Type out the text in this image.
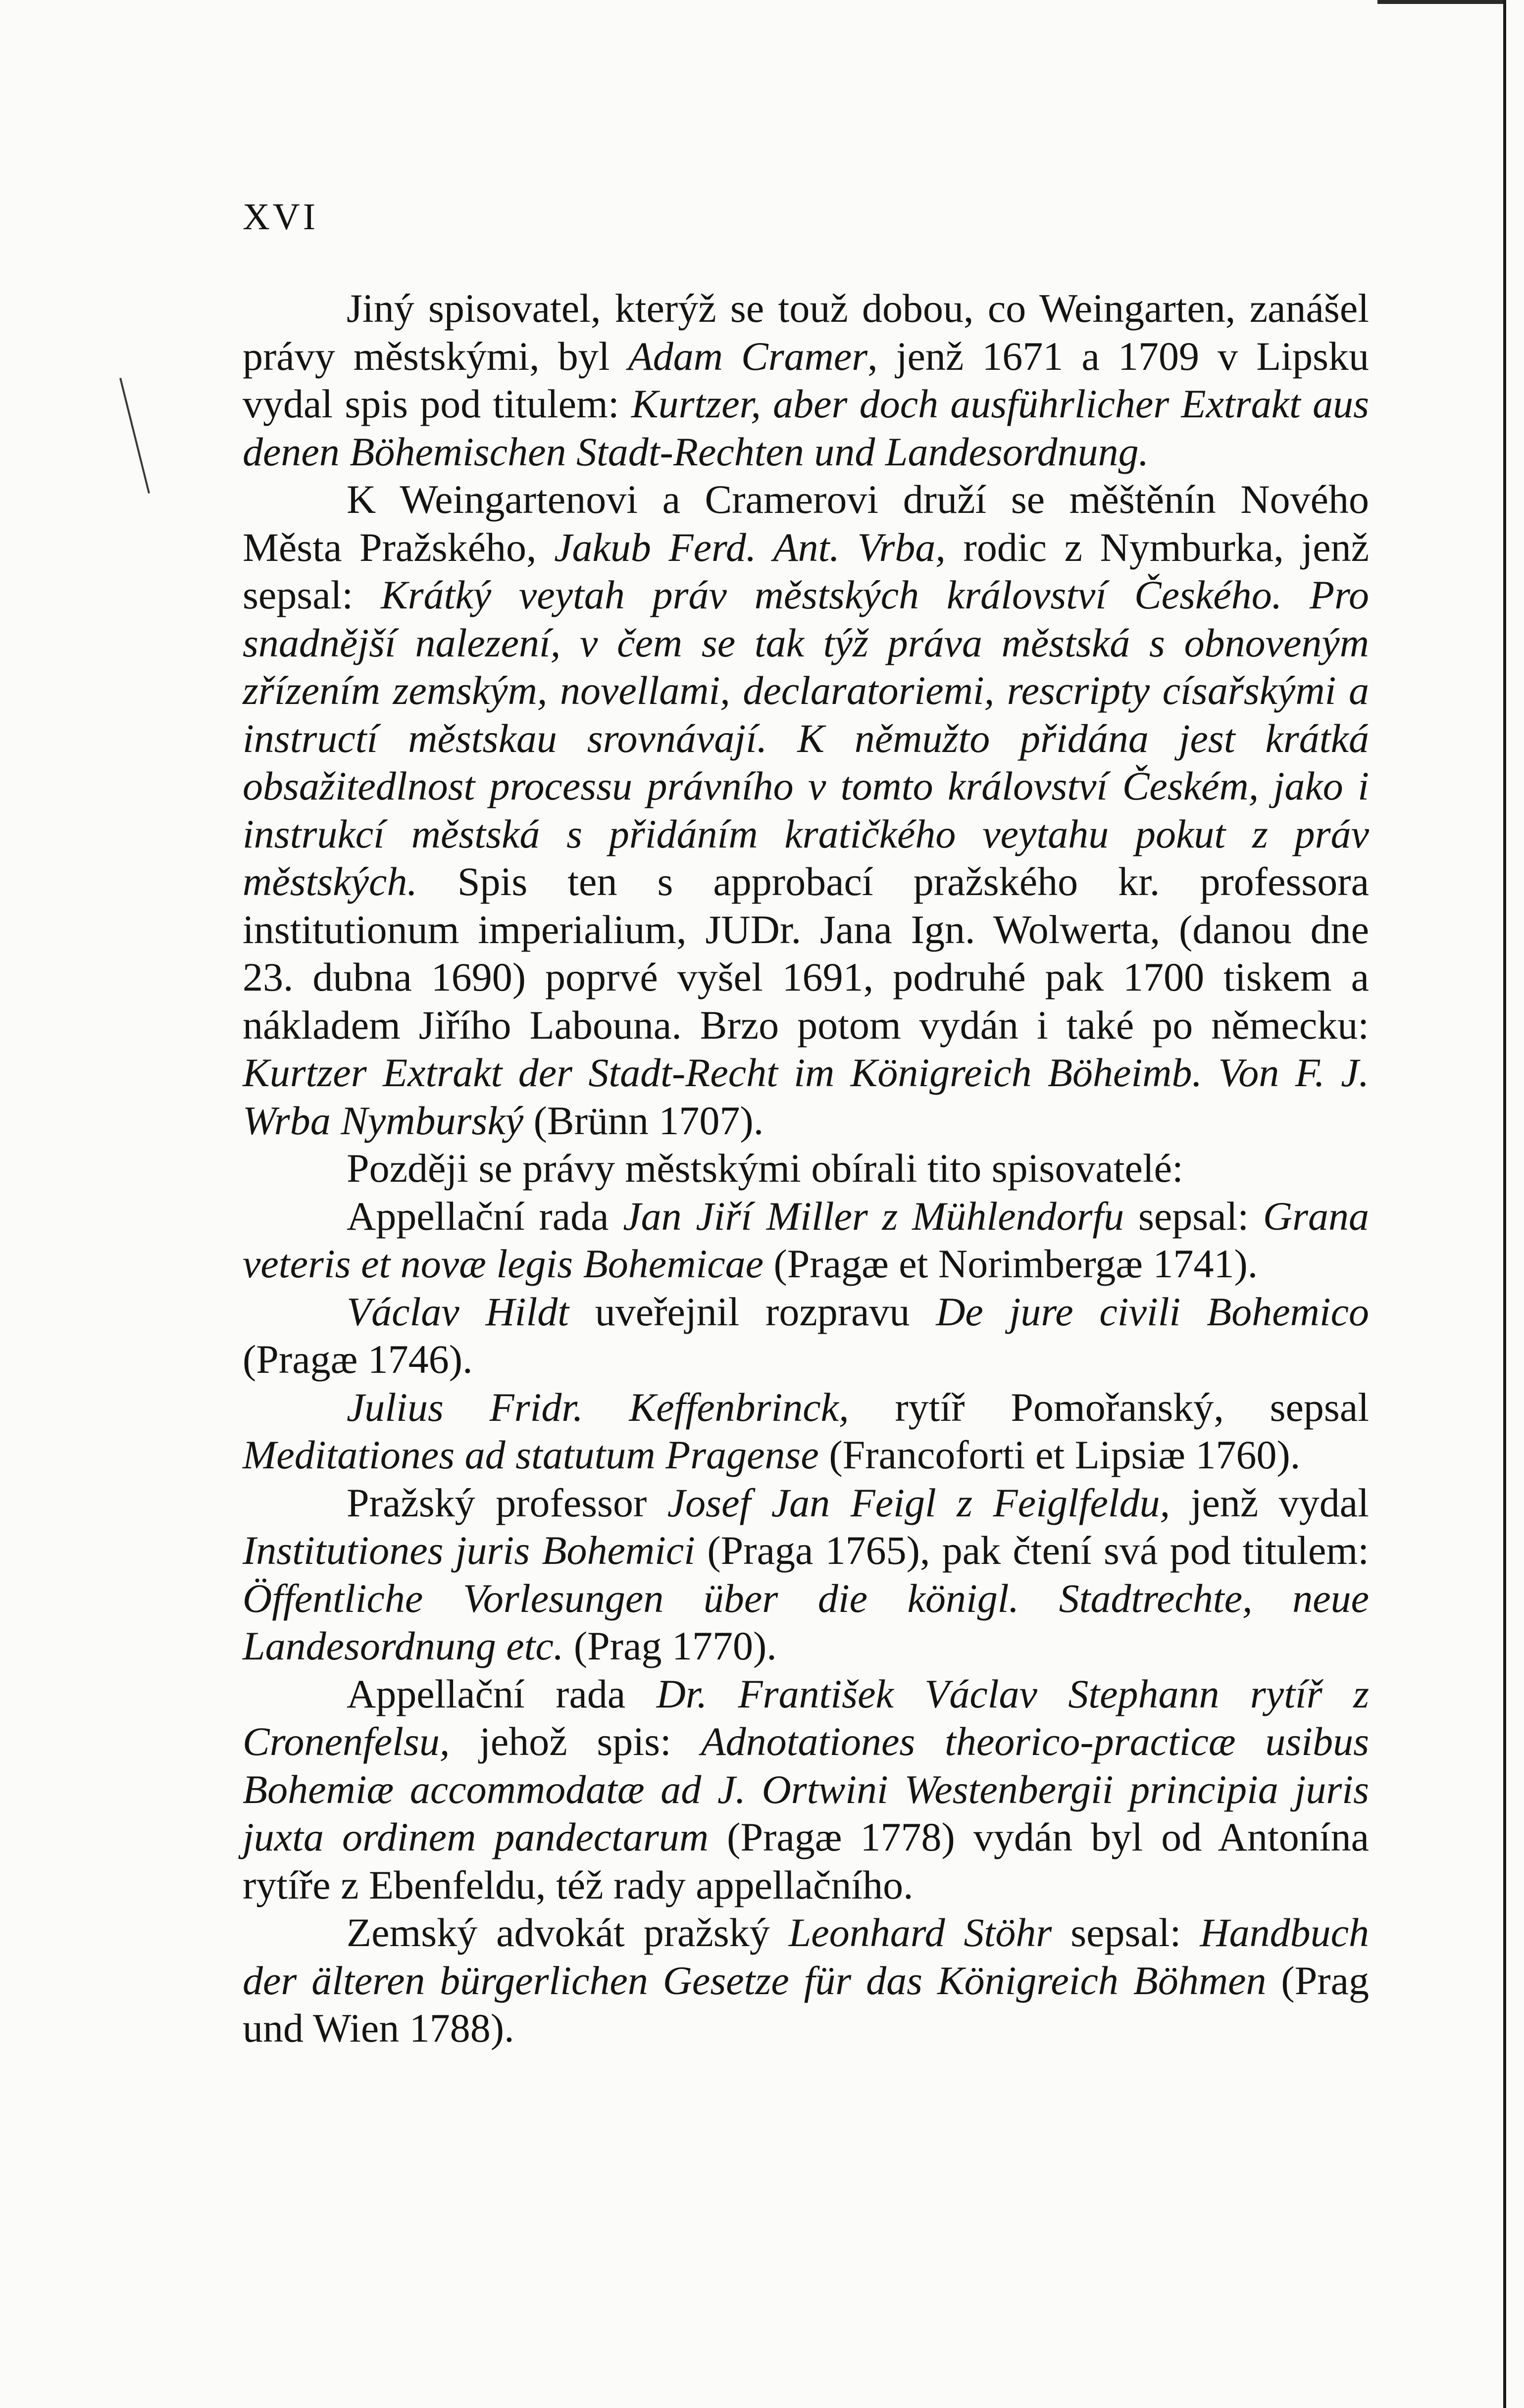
XVI

Jiný spisovatel, kterýž se touž dobou, co Weingarten, zanášel právy městskými, byl Adam Cramer, jenž 1671 a 1709 v Lipsku vydal spis pod titulem: Kurtzer, aber doch ausführlicher Extrakt aus denen Böhemischen Stadt-Rechten und Landesordnung.

K Weingartenovi a Cramerovi druží se měštěnín Nového Města Pražského, Jakub Ferd. Ant. Vrba, rodic z Nymburka, jenž sepsal: Krátký veytah práv městských království Českého. Pro snadnější nalezení, v čem se tak týž práva městská s obnoveným zřízením zemským, novellami, declaratoriemi, rescripty císařskými a instructí městskau srovnávají. K němužto přidána jest krátká obsažitedlnost processu právního v tomto království Českém, jako i instrukcí městská s přidáním kratičkého veytahu pokut z práv městských. Spis ten s approbací pražského kr. professora institutionum imperialium, JUDr. Jana Ign. Wolwerta, (danou dne 23. dubna 1690) poprvé vyšel 1691, podruhé pak 1700 tiskem a nákladem Jiřího Labouna. Brzo potom vydán i také po německu: Kurtzer Extrakt der Stadt-Recht im Königreich Böheimb. Von F. J. Wrba Nymburský (Brünn 1707).

Později se právy městskými obírali tito spisovatelé:

Appellační rada Jan Jiří Miller z Mühlendorfu sepsal: Grana veteris et novæ legis Bohemicae (Pragæ et Norimbergæ 1741).

Václav Hildt uveřejnil rozpravu De jure civili Bohemico (Pragæ 1746).

Julius Fridr. Keffenbrinck, rytíř Pomořanský, sepsal Meditationes ad statutum Pragense (Francoforti et Lipsiæ 1760).

Pražský professor Josef Jan Feigl z Feiglfeldu, jenž vydal Institutiones juris Bohemici (Praga 1765), pak čtení svá pod titulem: Öffentliche Vorlesungen über die königl. Stadtrechte, neue Landesordnung etc. (Prag 1770).

Appellační rada Dr. František Václav Stephann rytíř z Cronenfelsu, jehož spis: Adnotationes theorico-practicæ usibus Bohemiæ accommodatæ ad J. Ortwini Westenbergii principia juris juxta ordinem pandectarum (Pragæ 1778) vydán byl od Antonína rytíře z Ebenfeldu, též rady appellačního.

Zemský advokát pražský Leonhard Stöhr sepsal: Handbuch der älteren bürgerlichen Gesetze für das Königreich Böhmen (Prag und Wien 1788).
